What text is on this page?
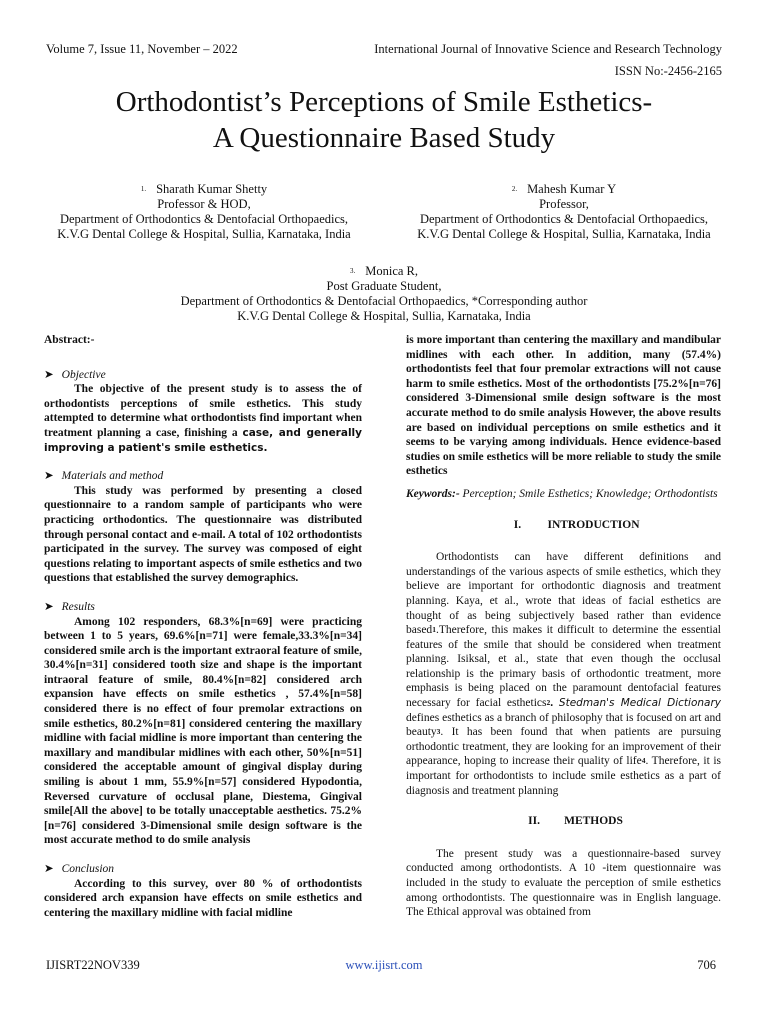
Volume 7, Issue 11, November – 2022	International Journal of Innovative Science and Research Technology
ISSN No:-2456-2165
Orthodontist’s Perceptions of Smile Esthetics-
A Questionnaire Based Study
$^{1.}$ Sharath Kumar Shetty
Professor & HOD,
Department of Orthodontics & Dentofacial Orthopaedics,
K.V.G Dental College & Hospital, Sullia, Karnataka, India
$^{2.}$ Mahesh Kumar Y
Professor,
Department of Orthodontics & Dentofacial Orthopaedics,
K.V.G Dental College & Hospital, Sullia, Karnataka, India
$^{3.}$ Monica R,
Post Graduate Student,
Department of Orthodontics & Dentofacial Orthopaedics, *Corresponding author
K.V.G Dental College & Hospital, Sullia, Karnataka, India

Abstract:-

➤ Objective

The objective of the present study is to assess the of orthodontists perceptions of smile esthetics. This study attempted to determine what orthodontists find important when treatment planning a case, finishing a case, and generally improving a patient's smile esthetics.

➤ Materials and method

This study was performed by presenting a closed questionnaire to a random sample of participants who were practicing orthodontics. The questionnaire was distributed through personal contact and e-mail. A total of 102 orthodontists participated in the survey. The survey was composed of eight questions relating to important aspects of smile esthetics and two questions that established the survey demographics.

➤ Results

Among 102 responders, 68.3%[n=69] were practicing between 1 to 5 years, 69.6%[n=71] were female,33.3%[n=34] considered smile arch is the important extraoral feature of smile, 30.4%[n=31] considered tooth size and shape is the important intraoral feature of smile, 80.4%[n=82] considered arch expansion have effects on smile esthetics , 57.4%[n=58] considered there is no effect of four premolar extractions on smile esthetics, 80.2%[n=81] considered centering the maxillary midline with facial midline is more important than centering the maxillary and mandibular midlines with each other, 50%[n=51] considered the acceptable amount of gingival display during smiling is about 1 mm, 55.9%[n=57] considered Hypodontia, Reversed curvature of occlusal plane, Diestema, Gingival smile[All the above] to be totally unacceptable aesthetics. 75.2%[n=76] considered 3-Dimensional smile design software is the most accurate method to do smile analysis

➤ Conclusion

According to this survey, over 80 % of orthodontists considered arch expansion have effects on smile esthetics and centering the maxillary midline with facial midline

is more important than centering the maxillary and mandibular midlines with each other. In addition, many (57.4%) orthodontists feel that four premolar extractions will not cause harm to smile esthetics. Most of the orthodontists [75.2%[n=76] considered 3-Dimensional smile design software is the most accurate method to do smile analysis However, the above results are based on individual perceptions on smile esthetics and it seems to be varying among individuals. Hence evidence-based studies on smile esthetics will be more reliable to study the smile esthetics

Keywords:- Perception; Smile Esthetics; Knowledge; Orthodontists

I. INTRODUCTION

Orthodontists can have different definitions and understandings of the various aspects of smile esthetics, which they believe are important for orthodontic diagnosis and treatment planning. Kaya, et al., wrote that ideas of facial esthetics are thought of as being subjectively based rather than evidence based$^1$.Therefore, this makes it difficult to determine the essential features of the smile that should be considered when treatment planning. Isiksal, et al., state that even though the occlusal relationship is the primary basis of orthodontic treatment, more emphasis is being placed on the paramount dentofacial features necessary for facial esthetics$^2$. Stedman's Medical Dictionary defines esthetics as a branch of philosophy that is focused on art and beauty$^3$. It has been found that when patients are pursuing orthodontic treatment, they are looking for an improvement of their appearance, hoping to increase their quality of life$^4$. Therefore, it is important for orthodontists to include smile esthetics as a part of diagnosis and treatment planning

II. METHODS

The present study was a questionnaire-based survey conducted among orthodontists. A 10 -item questionnaire was included in the study to evaluate the perception of smile esthetics among orthodontists. The questionnaire was in English language. The Ethical approval was obtained from

IJISRT22NOV339	www.ijisrt.com	706
